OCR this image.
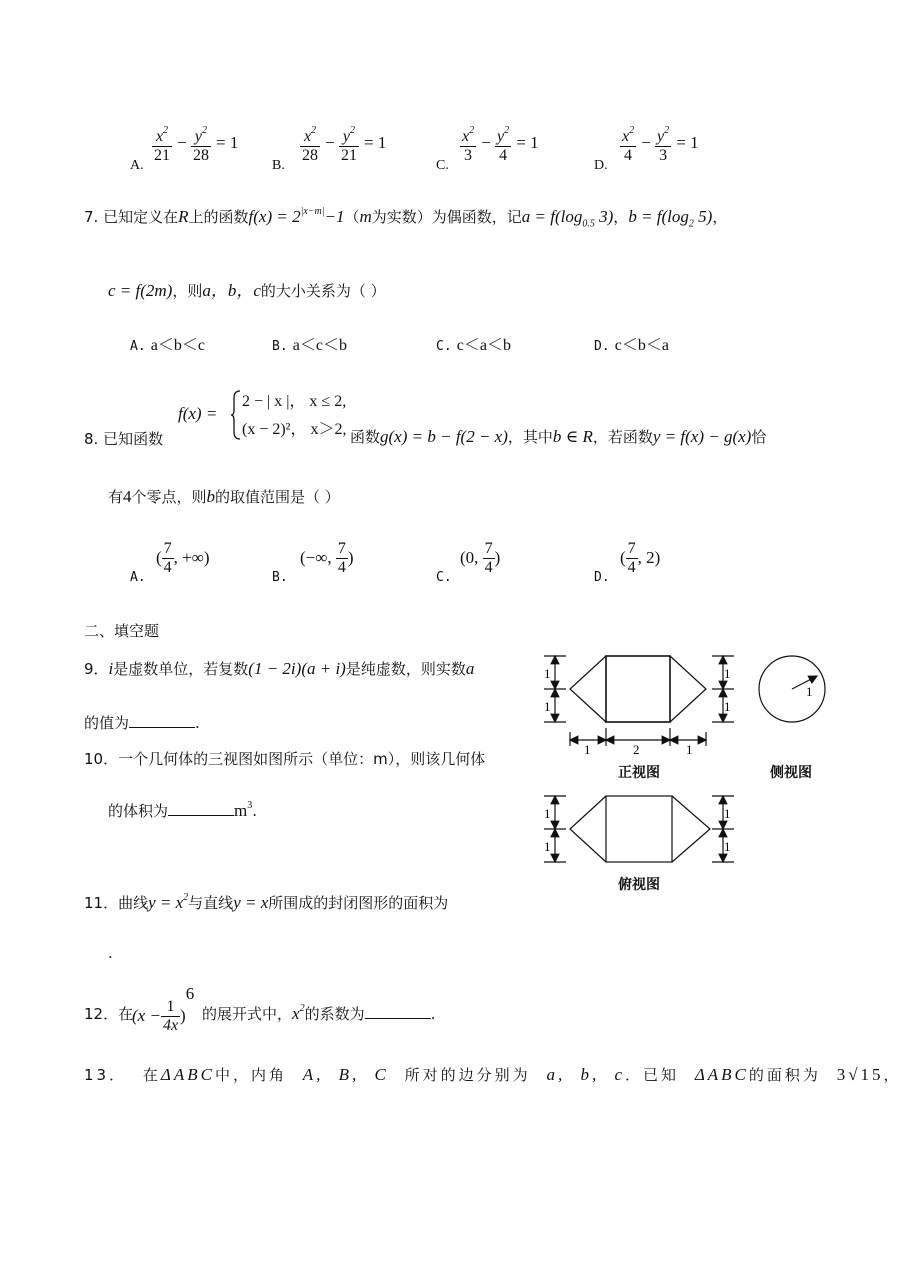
A.
$\frac{x^2}{21} - \frac{y^2}{28} = 1$
B.
$\frac{x^2}{28} - \frac{y^2}{21} = 1$
C.
$\frac{x^2}{3} - \frac{y^2}{4} = 1$
D.
$\frac{x^2}{4} - \frac{y^2}{3} = 1$
7. 已知定义在R上的函数$f(x) = 2^{|x-m|}-1(m$为实数）为偶函数，记$a = f(\log_{0.5}$ 3)，$b = f(\log_2$ 5)，
c = f(2m)，则a，b，c的大小关系为（ ）
A. a＜b＜c	B. a＜c＜b	C. c＜a＜b	D. c＜b＜a
8. 已知函数
f(x) =
2 − | x |， x ≤ 2,
(x − 2)²， x＞2, 函数g(x) = b − f(2 − x)，其中b ∈ R，若函数y = f(x) − g(x)恰
有4个零点，则b的取值范围是（ ）
A.
( $\frac{7}{4}$ , +∞)
B.
(−∞, $\frac{7}{4}$ )
C.
(0, $\frac{7}{4}$ )
D.
( $\frac{7}{4}$ , 2)
二、填空题
9．i是虚数单位，若复数(1 − 2i)(a + i)是纯虚数，则实数a
的值为	.
10．一个几何体的三视图如图所示（单位：m），则该几何体
的体积为	$m^3$.
11．曲线$y = x^2$与直线y = x所围成的封闭图形的面积为
.
12．在
$(x - \frac{1}{4x} )^6$
的展开式中，$x^2$的系数为	.
13． 在ΔABC中，内角 A, B, C 所对的边分别为 a, b, c．已知 ΔABC的面积为 3√15，
1
1
1
1
1	2	1
1
1
1
1
1
正视图	侧视图
俯视图
